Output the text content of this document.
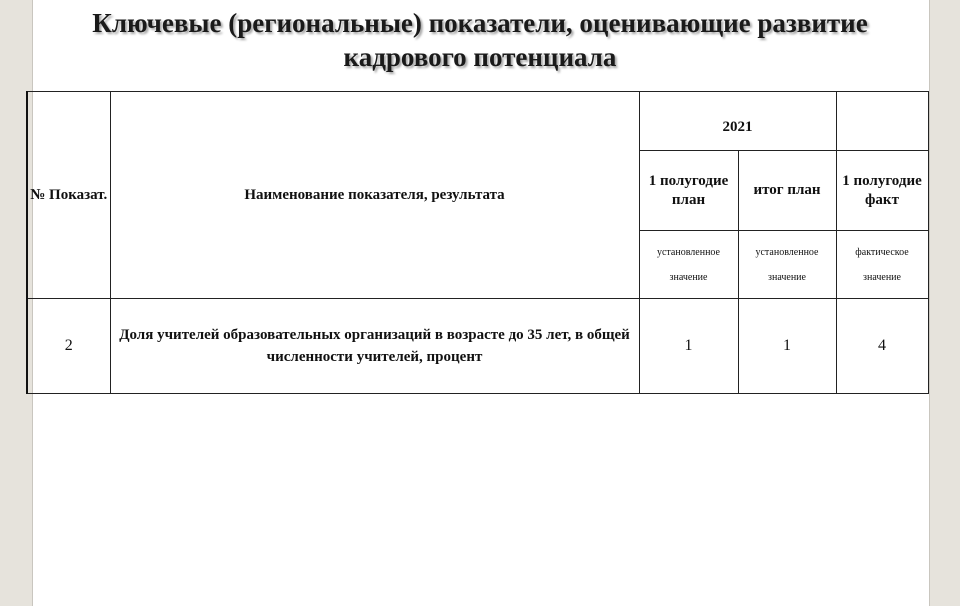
Ключевые (региональные) показатели, оценивающие развитие кадрового потенциала
№ Показат.	Наименование показателя, результата	2021		
		1 полугодие план	итог план	1 полугодие факт
		установленное значение	установленное значение	фактическое значение
2	Доля учителей образовательных организаций в возрасте до 35 лет, в общей численности учителей, процент	1	1	4
